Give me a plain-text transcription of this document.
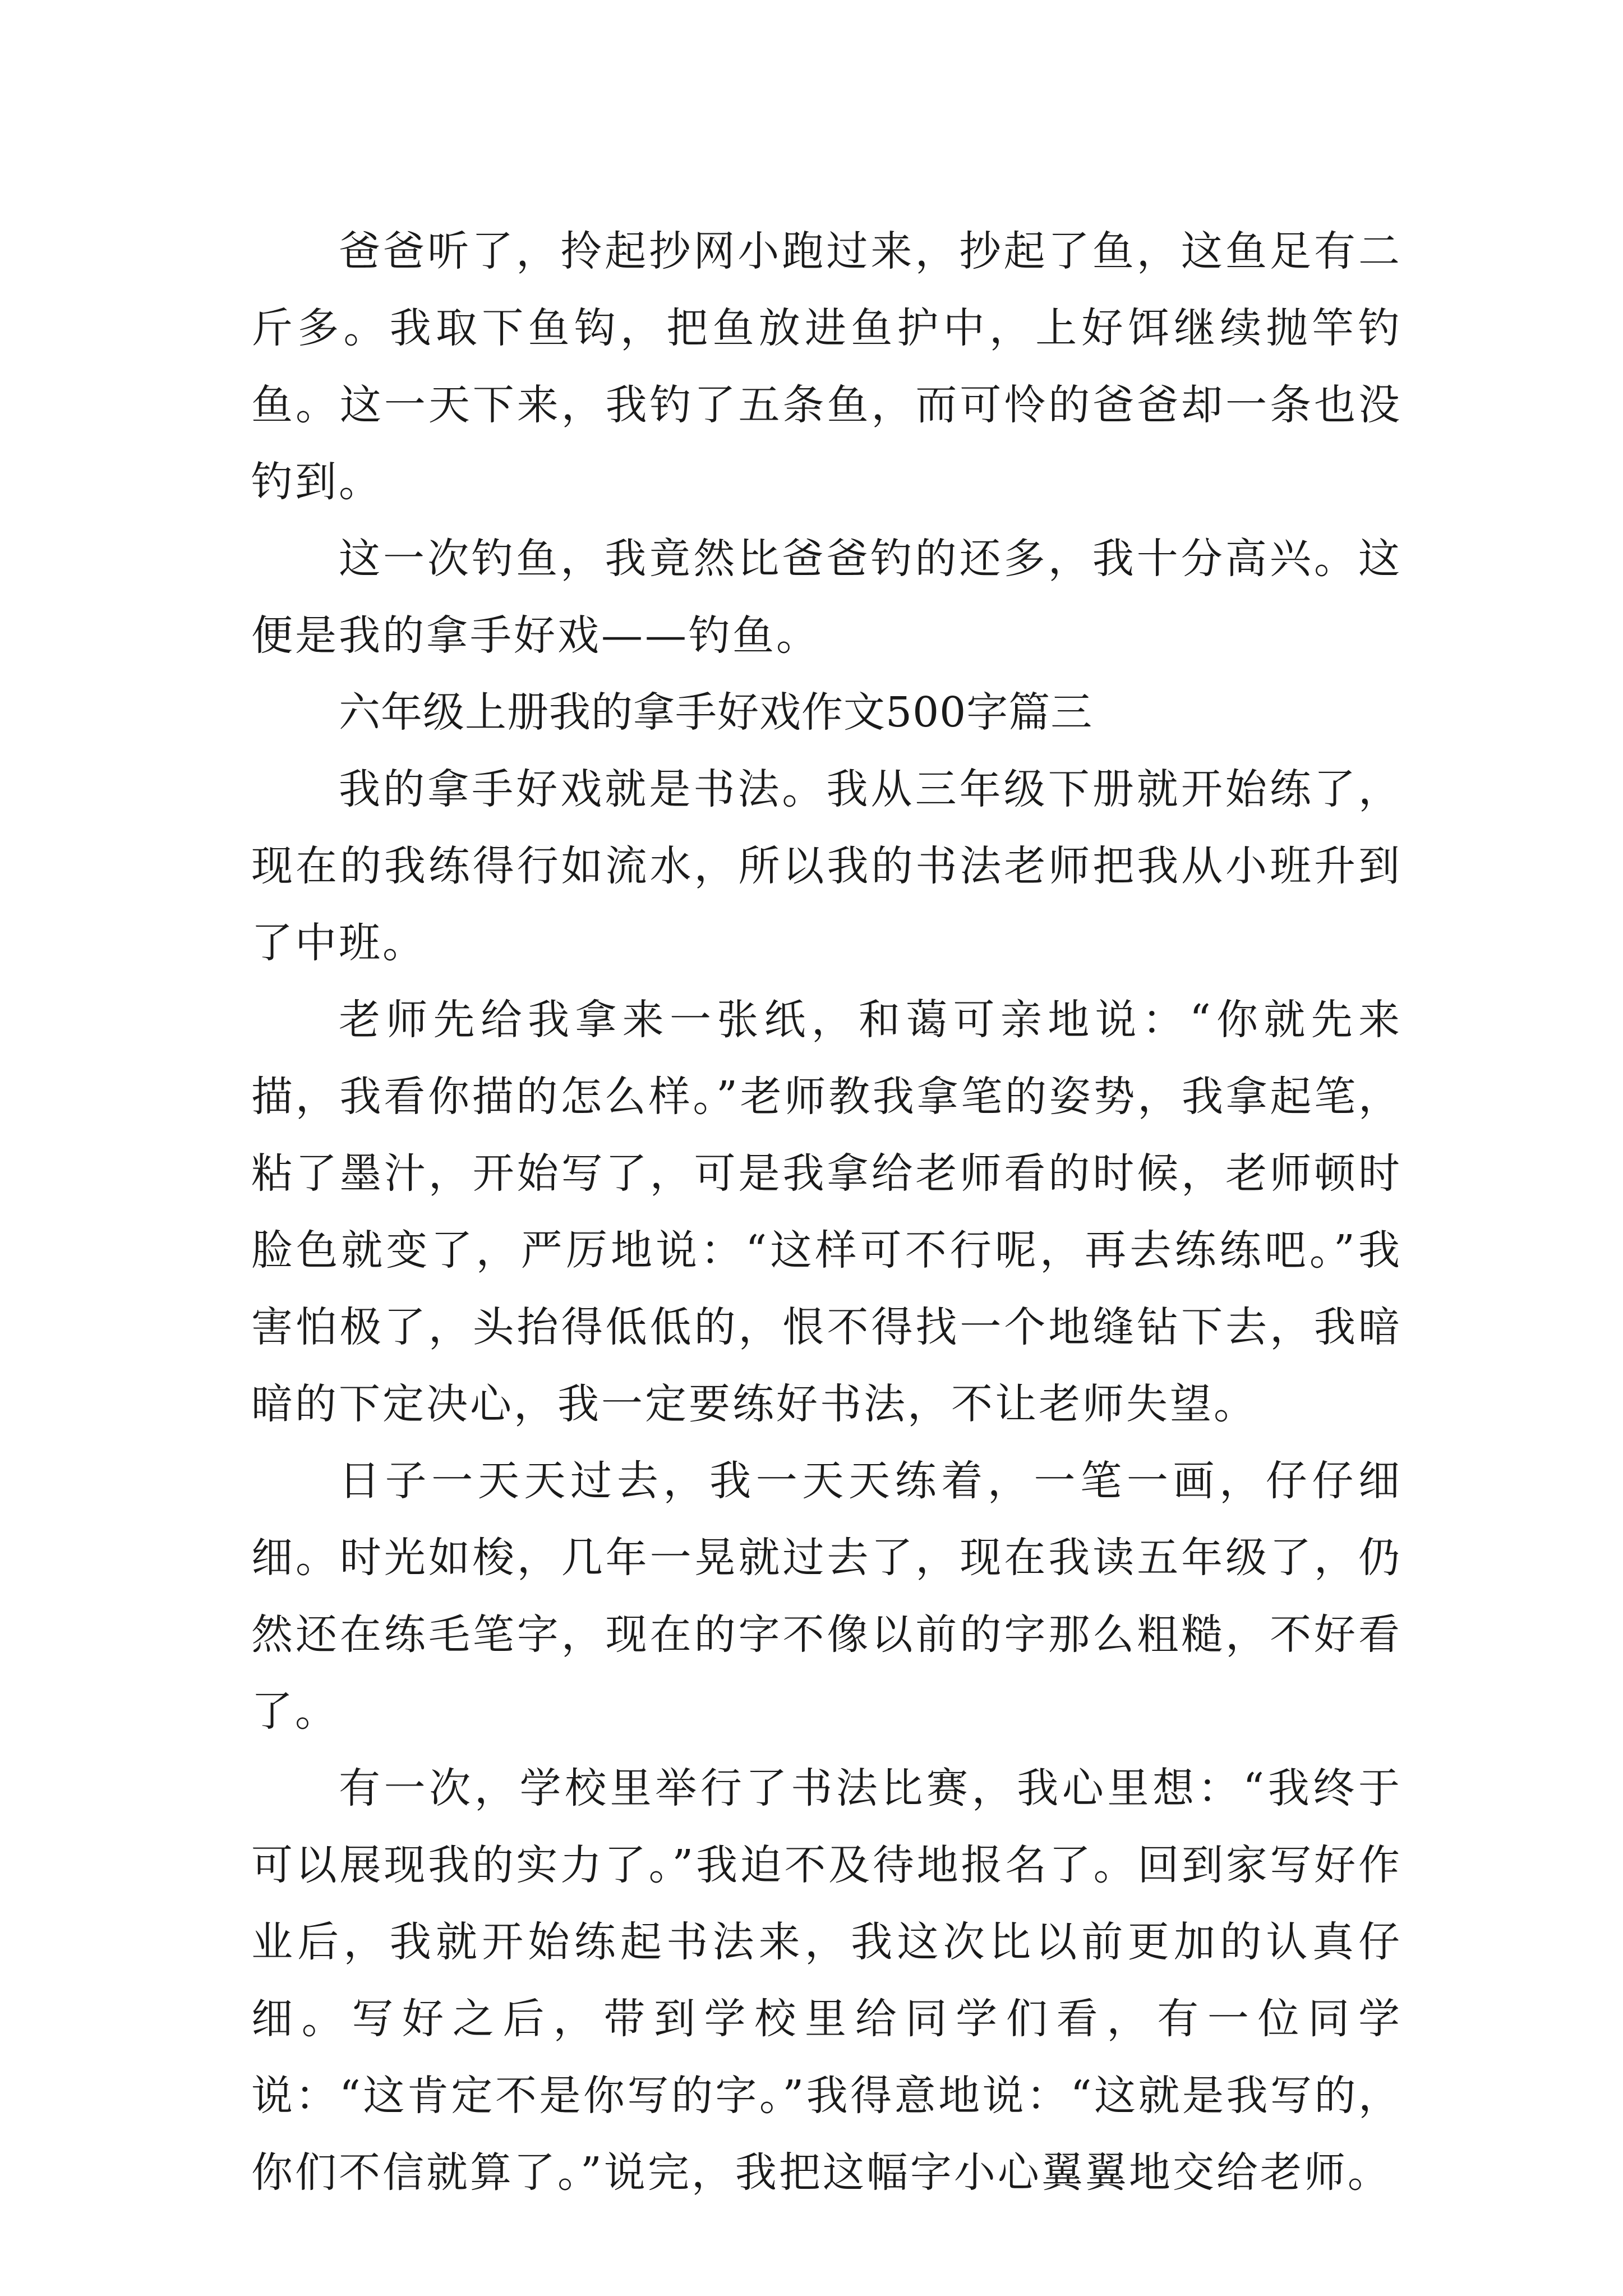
爸爸听了，拎起抄网小跑过来，抄起了鱼，这鱼足有二斤多。我取下鱼钩，把鱼放进鱼护中，上好饵继续抛竿钓鱼。这一天下来，我钓了五条鱼，而可怜的爸爸却一条也没钓到。

这一次钓鱼，我竟然比爸爸钓的还多，我十分高兴。这便是我的拿手好戏——钓鱼。

六年级上册我的拿手好戏作文500字篇三

我的拿手好戏就是书法。我从三年级下册就开始练了，现在的我练得行如流水，所以我的书法老师把我从小班升到了中班。

老师先给我拿来一张纸，和蔼可亲地说：“你就先来描，我看你描的怎么样。”老师教我拿笔的姿势，我拿起笔，粘了墨汁，开始写了，可是我拿给老师看的时候，老师顿时脸色就变了，严厉地说：“这样可不行呢，再去练练吧。”我害怕极了，头抬得低低的，恨不得找一个地缝钻下去，我暗暗的下定决心，我一定要练好书法，不让老师失望。

日子一天天过去，我一天天练着，一笔一画，仔仔细细。时光如梭，几年一晃就过去了，现在我读五年级了，仍然还在练毛笔字，现在的字不像以前的字那么粗糙，不好看了。

有一次，学校里举行了书法比赛，我心里想：“我终于可以展现我的实力了。”我迫不及待地报名了。回到家写好作业后，我就开始练起书法来，我这次比以前更加的认真仔细。写好之后，带到学校里给同学们看，有一位同学说：“这肯定不是你写的字。”我得意地说：“这就是我写的，你们不信就算了。”说完，我把这幅字小心翼翼地交给老师。
